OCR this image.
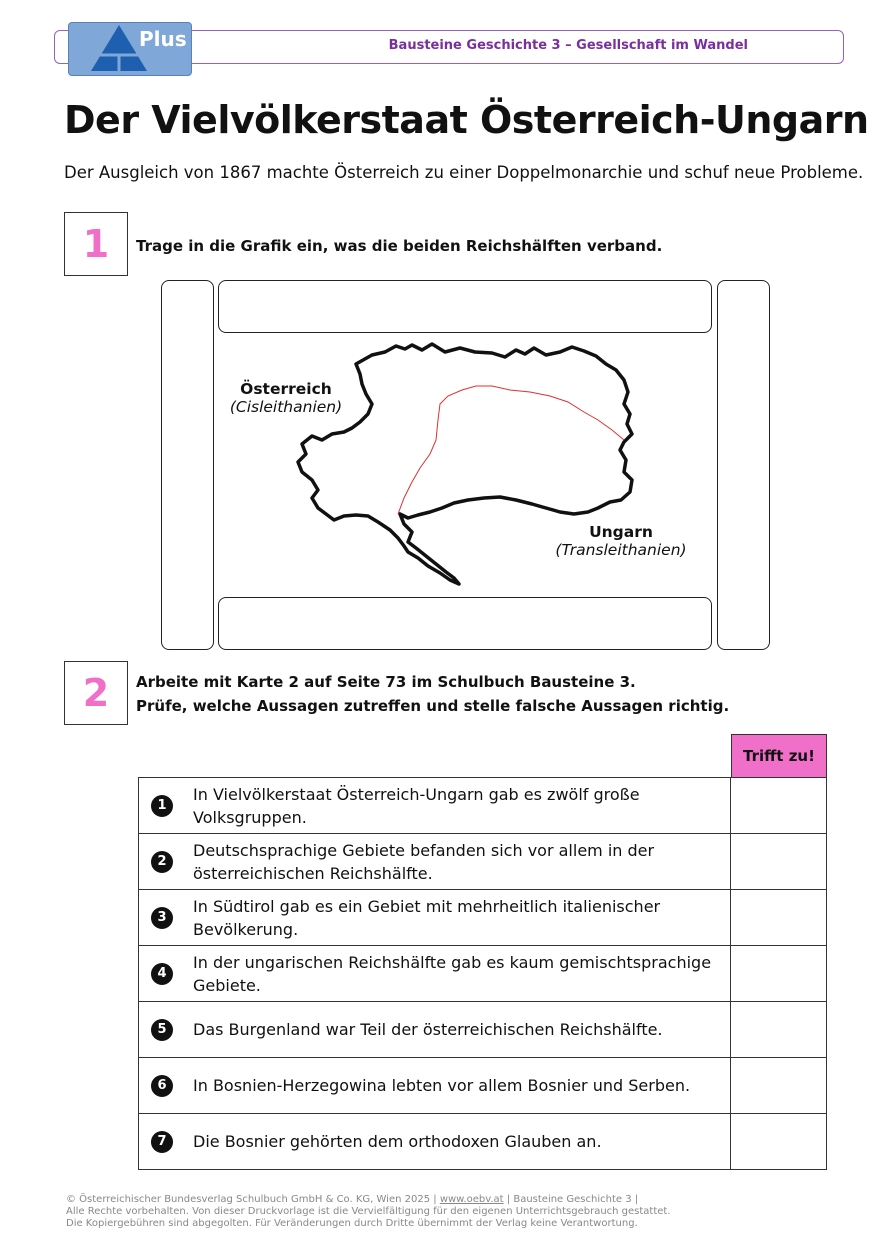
Bausteine Geschichte 3 – Gesellschaft im Wandel
Plus
Der Vielvölkerstaat Österreich-Ungarn
Der Ausgleich von 1867 machte Österreich zu einer Doppelmonarchie und schuf neue Probleme.
1	Trage in die Grafik ein, was die beiden Reichshälften verband.
Österreich
(Cisleithanien)
Ungarn
(Transleithanien)
2	Arbeite mit Karte 2 auf Seite 73 im Schulbuch Bausteine 3.
Prüfe, welche Aussagen zutreffen und stelle falsche Aussagen richtig.
Trifft zu!
1
In Vielvölkerstaat Österreich-Ungarn gab es zwölf große
Volksgruppen.	

2
Deutschsprachige Gebiete befanden sich vor allem in der
österreichischen Reichshälfte.	

3
In Südtirol gab es ein Gebiet mit mehrheitlich italienischer
Bevölkerung.	

4
In der ungarischen Reichshälfte gab es kaum gemischtsprachige
Gebiete.	

5 Das Burgenland war Teil der österreichischen Reichshälfte.	

6 In Bosnien-Herzegowina lebten vor allem Bosnier und Serben.	

7 Die Bosnier gehörten dem orthodoxen Glauben an.	

© Österreichischer Bundesverlag Schulbuch GmbH & Co. KG, Wien 2025 | www.oebv.at | Bausteine Geschichte 3 |
Alle Rechte vorbehalten. Von dieser Druckvorlage ist die Vervielfältigung für den eigenen Unterrichtsgebrauch gestattet.
Die Kopiergebühren sind abgegolten. Für Veränderungen durch Dritte übernimmt der Verlag keine Verantwortung.
